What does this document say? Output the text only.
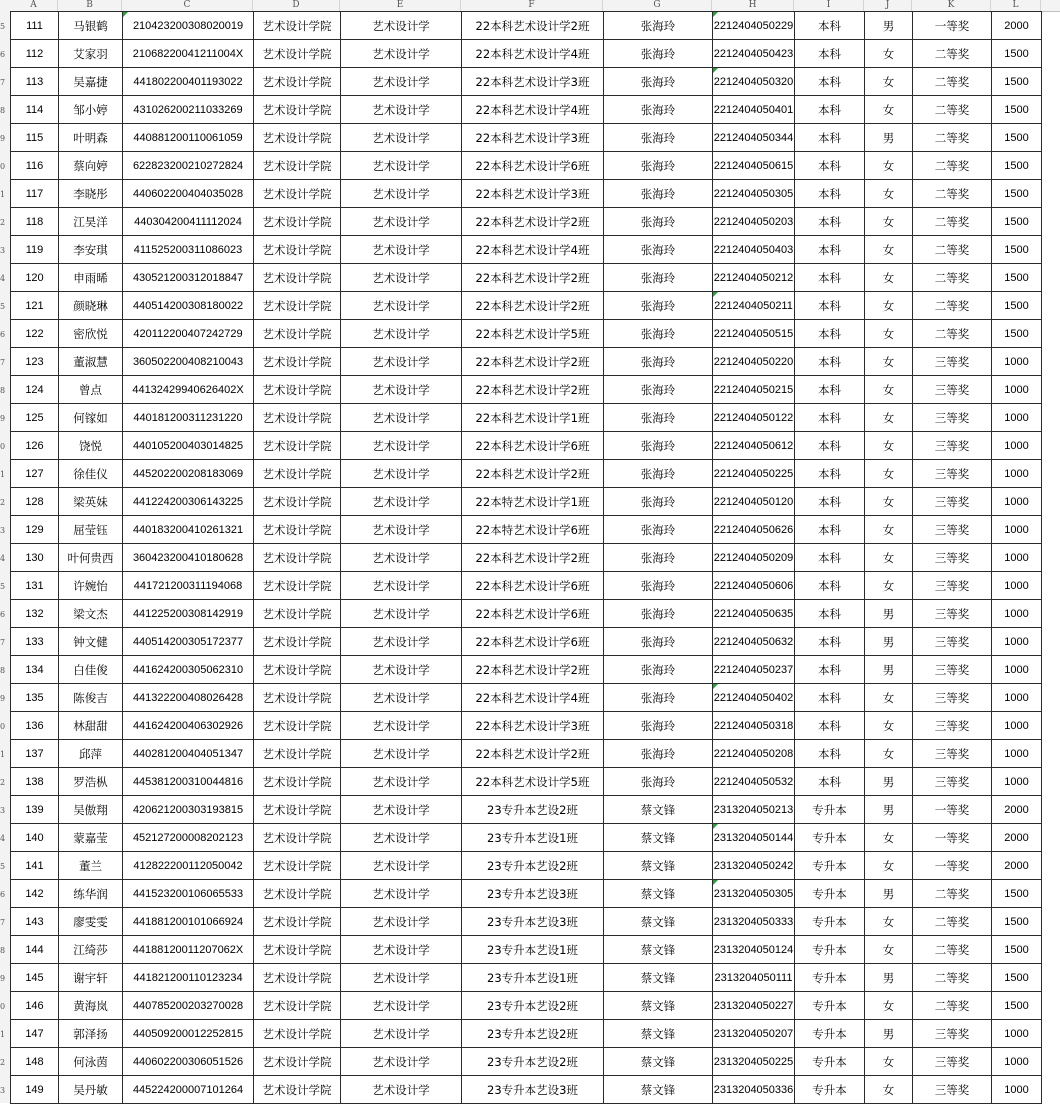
A	B	C	D	E	F	G	H	I	J	K	L
5
6
7
8
9
0
1
2
3
4
5
6
7
8
9
0
1
2
3
4
5
6
7
8
9
0
1
2
3
4
5
6
7
8
9
0
1
2
3
111	马银鹤	210423200308020019	艺术设计学院	艺术设计学	22本科艺术设计学2班	张海玲	2212404050229	本科	男	一等奖	2000
112	艾家羽	21068220041211004X	艺术设计学院	艺术设计学	22本科艺术设计学4班	张海玲	2212404050423	本科	女	二等奖	1500
113	吴嘉捷	441802200401193022	艺术设计学院	艺术设计学	22本科艺术设计学3班	张海玲	2212404050320	本科	女	二等奖	1500
114	邹小婷	431026200211033269	艺术设计学院	艺术设计学	22本科艺术设计学4班	张海玲	2212404050401	本科	女	二等奖	1500
115	叶明森	440881200110061059	艺术设计学院	艺术设计学	22本科艺术设计学3班	张海玲	2212404050344	本科	男	二等奖	1500
116	蔡向婷	622823200210272824	艺术设计学院	艺术设计学	22本科艺术设计学6班	张海玲	2212404050615	本科	女	二等奖	1500
117	李晓彤	440602200404035028	艺术设计学院	艺术设计学	22本科艺术设计学3班	张海玲	2212404050305	本科	女	二等奖	1500
118	江昊洋	440304200411112024	艺术设计学院	艺术设计学	22本科艺术设计学2班	张海玲	2212404050203	本科	女	二等奖	1500
119	李安琪	411525200311086023	艺术设计学院	艺术设计学	22本科艺术设计学4班	张海玲	2212404050403	本科	女	二等奖	1500
120	申雨晞	430521200312018847	艺术设计学院	艺术设计学	22本科艺术设计学2班	张海玲	2212404050212	本科	女	二等奖	1500
121	颜晓琳	440514200308180022	艺术设计学院	艺术设计学	22本科艺术设计学2班	张海玲	2212404050211	本科	女	二等奖	1500
122	密欣悦	420112200407242729	艺术设计学院	艺术设计学	22本科艺术设计学5班	张海玲	2212404050515	本科	女	二等奖	1500
123	董淑慧	360502200408210043	艺术设计学院	艺术设计学	22本科艺术设计学2班	张海玲	2212404050220	本科	女	三等奖	1000
124	曾点	44132429940626402X	艺术设计学院	艺术设计学	22本科艺术设计学2班	张海玲	2212404050215	本科	女	三等奖	1000
125	何镓如	440181200311231220	艺术设计学院	艺术设计学	22本科艺术设计学1班	张海玲	2212404050122	本科	女	三等奖	1000
126	饶悦	440105200403014825	艺术设计学院	艺术设计学	22本科艺术设计学6班	张海玲	2212404050612	本科	女	三等奖	1000
127	徐佳仪	445202200208183069	艺术设计学院	艺术设计学	22本科艺术设计学2班	张海玲	2212404050225	本科	女	三等奖	1000
128	梁英妹	441224200306143225	艺术设计学院	艺术设计学	22本特艺术设计学1班	张海玲	2212404050120	本科	女	三等奖	1000
129	屈莹钰	440183200410261321	艺术设计学院	艺术设计学	22本特艺术设计学6班	张海玲	2212404050626	本科	女	三等奖	1000
130	叶何贵西	360423200410180628	艺术设计学院	艺术设计学	22本科艺术设计学2班	张海玲	2212404050209	本科	女	三等奖	1000
131	许婉怡	441721200311194068	艺术设计学院	艺术设计学	22本科艺术设计学6班	张海玲	2212404050606	本科	女	三等奖	1000
132	梁文杰	441225200308142919	艺术设计学院	艺术设计学	22本科艺术设计学6班	张海玲	2212404050635	本科	男	三等奖	1000
133	钟文健	440514200305172377	艺术设计学院	艺术设计学	22本科艺术设计学6班	张海玲	2212404050632	本科	男	三等奖	1000
134	白佳俊	441624200305062310	艺术设计学院	艺术设计学	22本科艺术设计学2班	张海玲	2212404050237	本科	男	三等奖	1000
135	陈俊吉	441322200408026428	艺术设计学院	艺术设计学	22本科艺术设计学4班	张海玲	2212404050402	本科	女	三等奖	1000
136	林甜甜	441624200406302926	艺术设计学院	艺术设计学	22本科艺术设计学3班	张海玲	2212404050318	本科	女	三等奖	1000
137	邱萍	440281200404051347	艺术设计学院	艺术设计学	22本科艺术设计学2班	张海玲	2212404050208	本科	女	三等奖	1000
138	罗浩枞	445381200310044816	艺术设计学院	艺术设计学	22本科艺术设计学5班	张海玲	2212404050532	本科	男	三等奖	1000
139	吴傲翔	420621200303193815	艺术设计学院	艺术设计学	23专升本艺设2班	蔡文锋	2313204050213	专升本	男	一等奖	2000
140	蒙嘉莹	452127200008202123	艺术设计学院	艺术设计学	23专升本艺设1班	蔡文锋	2313204050144	专升本	女	一等奖	2000
141	董兰	412822200112050042	艺术设计学院	艺术设计学	23专升本艺设2班	蔡文锋	2313204050242	专升本	女	一等奖	2000
142	练华润	441523200106065533	艺术设计学院	艺术设计学	23专升本艺设3班	蔡文锋	2313204050305	专升本	男	二等奖	1500
143	廖雯雯	441881200101066924	艺术设计学院	艺术设计学	23专升本艺设3班	蔡文锋	2313204050333	专升本	女	二等奖	1500
144	江绮莎	44188120011207062X	艺术设计学院	艺术设计学	23专升本艺设1班	蔡文锋	2313204050124	专升本	女	二等奖	1500
145	谢宇轩	441821200110123234	艺术设计学院	艺术设计学	23专升本艺设1班	蔡文锋	2313204050111	专升本	男	二等奖	1500
146	黄海岚	440785200203270028	艺术设计学院	艺术设计学	23专升本艺设2班	蔡文锋	2313204050227	专升本	女	二等奖	1500
147	郭泽扬	440509200012252815	艺术设计学院	艺术设计学	23专升本艺设2班	蔡文锋	2313204050207	专升本	男	三等奖	1000
148	何泳茵	440602200306051526	艺术设计学院	艺术设计学	23专升本艺设2班	蔡文锋	2313204050225	专升本	女	三等奖	1000
149	吴丹敏	445224200007101264	艺术设计学院	艺术设计学	23专升本艺设3班	蔡文锋	2313204050336	专升本	女	三等奖	1000
